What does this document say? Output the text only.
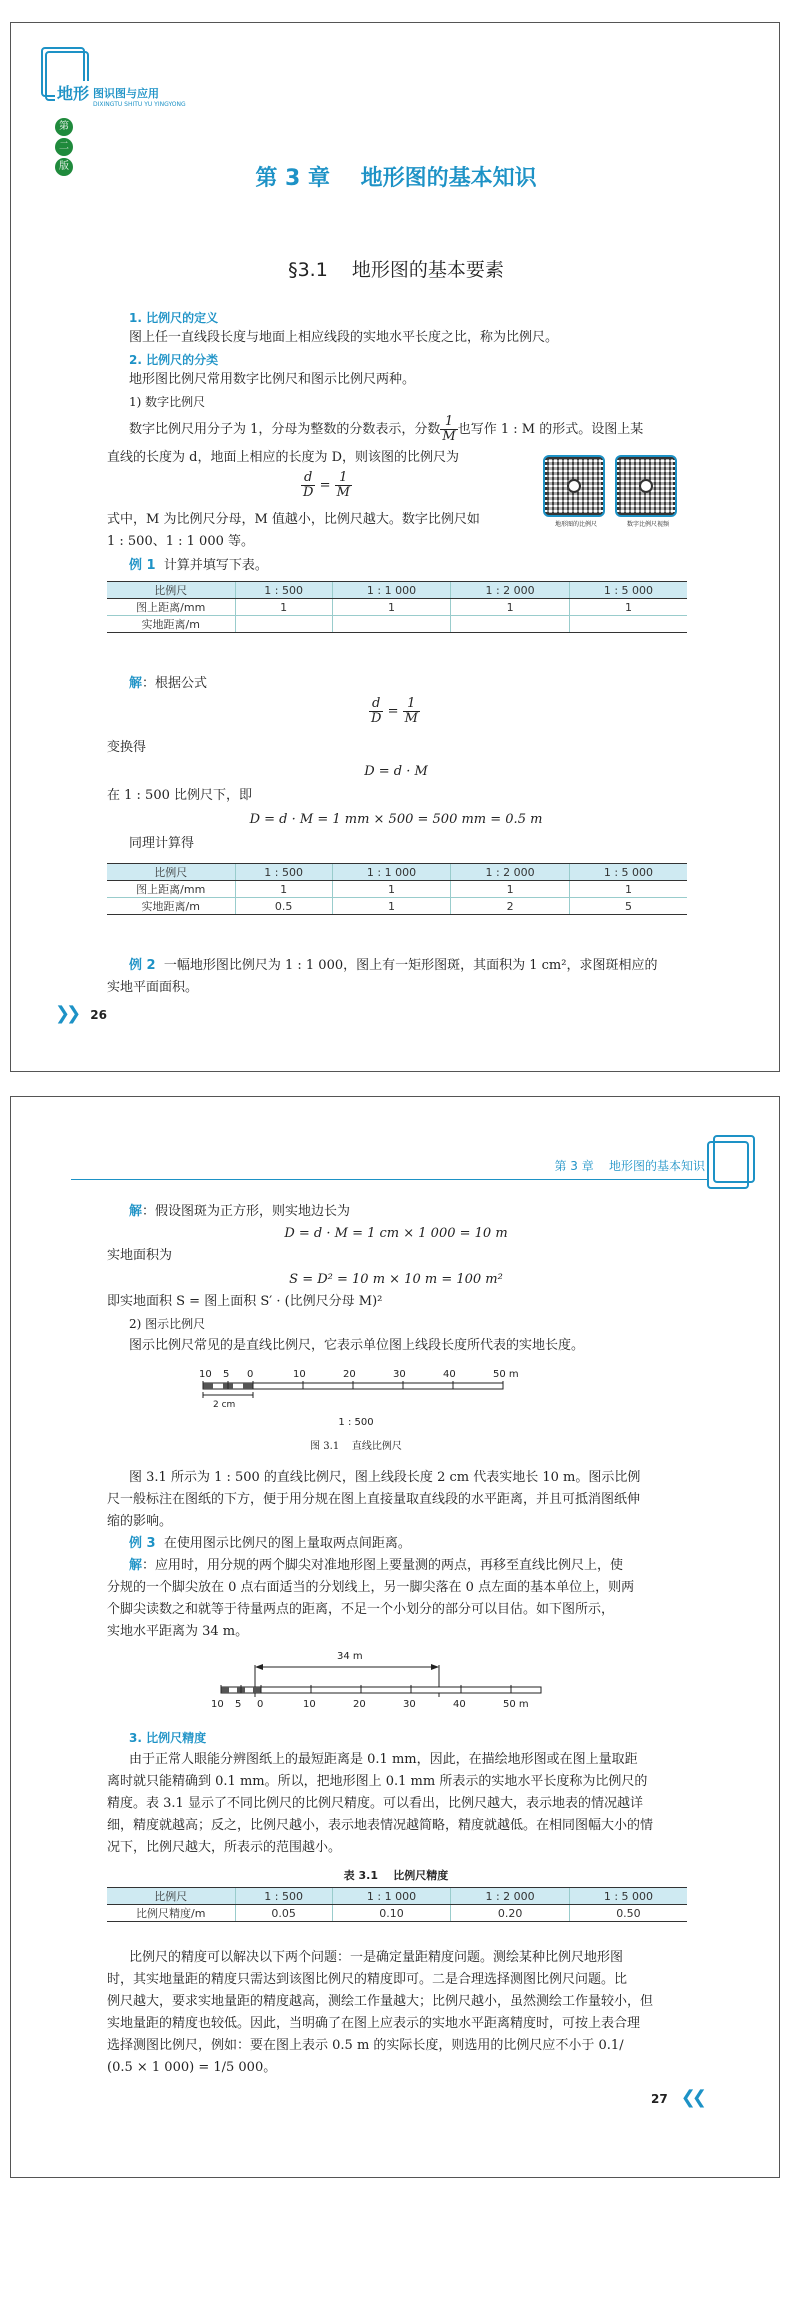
地形 图识图与应用
DIXINGTU SHITU YU YINGYONG
第
二
版	第 3 章    地形图的基本知识
§3.1    地形图的基本要素
1. 比例尺的定义
图上任一直线段长度与地面上相应线段的实地水平长度之比，称为比例尺。
2. 比例尺的分类
地形图比例尺常用数字比例尺和图示比例尺两种。
1) 数字比例尺
数字比例尺用分子为 1，分母为整数的分数表示，分数 $\frac{1}{M}$ 也写作 1 : M 的形式。设图上某
直线的长度为 d，地面上相应的长度为 D，则该图的比例尺为
$\frac{d}{D} = \frac{1}{M}$
式中，M 为比例尺分母，M 值越小，比例尺越大。数字比例尺如
1 : 500、1 : 1 000 等。
地形图的比例尺	数字比例尺视频
例 1 计算并填写下表。
比例尺	1 : 500	1 : 1 000	1 : 2 000	1 : 5 000
图上距离/mm	1	1	1	1
实地距离/m				
解：根据公式
$\frac{d}{D} = \frac{1}{M}$
变换得
D = d · M
在 1 : 500 比例尺下，即
D = d · M = 1 mm × 500 = 500 mm = 0.5 m
同理计算得
比例尺	1 : 500	1 : 1 000	1 : 2 000	1 : 5 000
图上距离/mm	1	1	1	1
实地距离/m	0.5	1	2	5
例 2 一幅地形图比例尺为 1 : 1 000，图上有一矩形图斑，其面积为 1 cm²，求图斑相应的
实地平面面积。
❯❯ 26
第 3 章    地形图的基本知识
解：假设图斑为正方形，则实地边长为
D = d · M = 1 cm × 1 000 = 10 m
实地面积为
S = D² = 10 m × 10 m = 100 m²
即实地面积 S = 图上面积 S′ · (比例尺分母 M)²
2) 图示比例尺
图示比例尺常见的是直线比例尺，它表示单位图上线段长度所代表的实地长度。
10 5 0	10	20	30	40	50 m
2 cm
1 : 500
图 3.1    直线比例尺
图 3.1 所示为 1 : 500 的直线比例尺，图上线段长度 2 cm 代表实地长 10 m。图示比例
尺一般标注在图纸的下方，便于用分规在图上直接量取直线段的水平距离，并且可抵消图纸伸
缩的影响。
例 3 在使用图示比例尺的图上量取两点间距离。
解：应用时，用分规的两个脚尖对准地形图上要量测的两点，再移至直线比例尺上，使
分规的一个脚尖放在 0 点右面适当的分划线上，另一脚尖落在 0 点左面的基本单位上，则两
个脚尖读数之和就等于待量两点的距离，不足一个小划分的部分可以目估。如下图所示，
实地水平距离为 34 m。
34 m
10 5 0	10	20	30	40	50 m
3. 比例尺精度
由于正常人眼能分辨图纸上的最短距离是 0.1 mm，因此，在描绘地形图或在图上量取距
离时就只能精确到 0.1 mm。所以，把地形图上 0.1 mm 所表示的实地水平长度称为比例尺的
精度。表 3.1 显示了不同比例尺的比例尺精度。可以看出，比例尺越大，表示地表的情况越详
细，精度就越高；反之，比例尺越小，表示地表情况越简略，精度就越低。在相同图幅大小的情
况下，比例尺越大，所表示的范围越小。
表 3.1    比例尺精度
比例尺	1 : 500	1 : 1 000	1 : 2 000	1 : 5 000
比例尺精度/m	0.05	0.10	0.20	0.50
比例尺的精度可以解决以下两个问题：一是确定量距精度问题。测绘某种比例尺地形图
时，其实地量距的精度只需达到该图比例尺的精度即可。二是合理选择测图比例尺问题。比
例尺越大，要求实地量距的精度越高，测绘工作量越大；比例尺越小，虽然测绘工作量较小，但
实地量距的精度也较低。因此，当明确了在图上应表示的实地水平距离精度时，可按上表合理
选择测图比例尺，例如：要在图上表示 0.5 m 的实际长度，则选用的比例尺应不小于 0.1/
(0.5 × 1 000) = 1/5 000。
27 ❮❮
